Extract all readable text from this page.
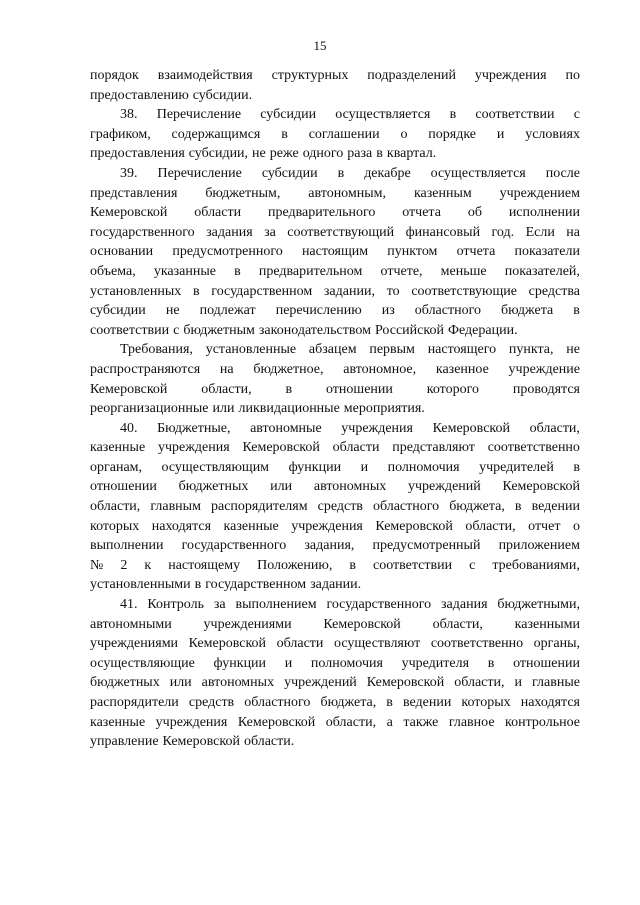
15
порядок взаимодействия структурных подразделений учреждения по
предоставлению субсидии.
38. Перечисление субсидии осуществляется в соответствии с
графиком, содержащимся в соглашении о порядке и условиях
предоставления субсидии, не реже одного раза в квартал.
39. Перечисление субсидии в декабре осуществляется после
представления бюджетным, автономным, казенным учреждением
Кемеровской области предварительного отчета об исполнении
государственного задания за соответствующий финансовый год. Если на
основании предусмотренного настоящим пунктом отчета показатели
объема, указанные в предварительном отчете, меньше показателей,
установленных в государственном задании, то соответствующие средства
субсидии не подлежат перечислению из областного бюджета в
соответствии с бюджетным законодательством Российской Федерации.
Требования, установленные абзацем первым настоящего пункта, не
распространяются на бюджетное, автономное, казенное учреждение
Кемеровской области, в отношении которого проводятся
реорганизационные или ликвидационные мероприятия.
40. Бюджетные, автономные учреждения Кемеровской области,
казенные учреждения Кемеровской области представляют соответственно
органам, осуществляющим функции и полномочия учредителей в
отношении бюджетных или автономных учреждений Кемеровской
области, главным распорядителям средств областного бюджета, в ведении
которых находятся казенные учреждения Кемеровской области, отчет о
выполнении государственного задания, предусмотренный приложением
№ 2 к настоящему Положению, в соответствии с требованиями,
установленными в государственном задании.
41. Контроль за выполнением государственного задания бюджетными,
автономными учреждениями Кемеровской области, казенными
учреждениями Кемеровской области осуществляют соответственно органы,
осуществляющие функции и полномочия учредителя в отношении
бюджетных или автономных учреждений Кемеровской области, и главные
распорядители средств областного бюджета, в ведении которых находятся
казенные учреждения Кемеровской области, а также главное контрольное
управление Кемеровской области.
